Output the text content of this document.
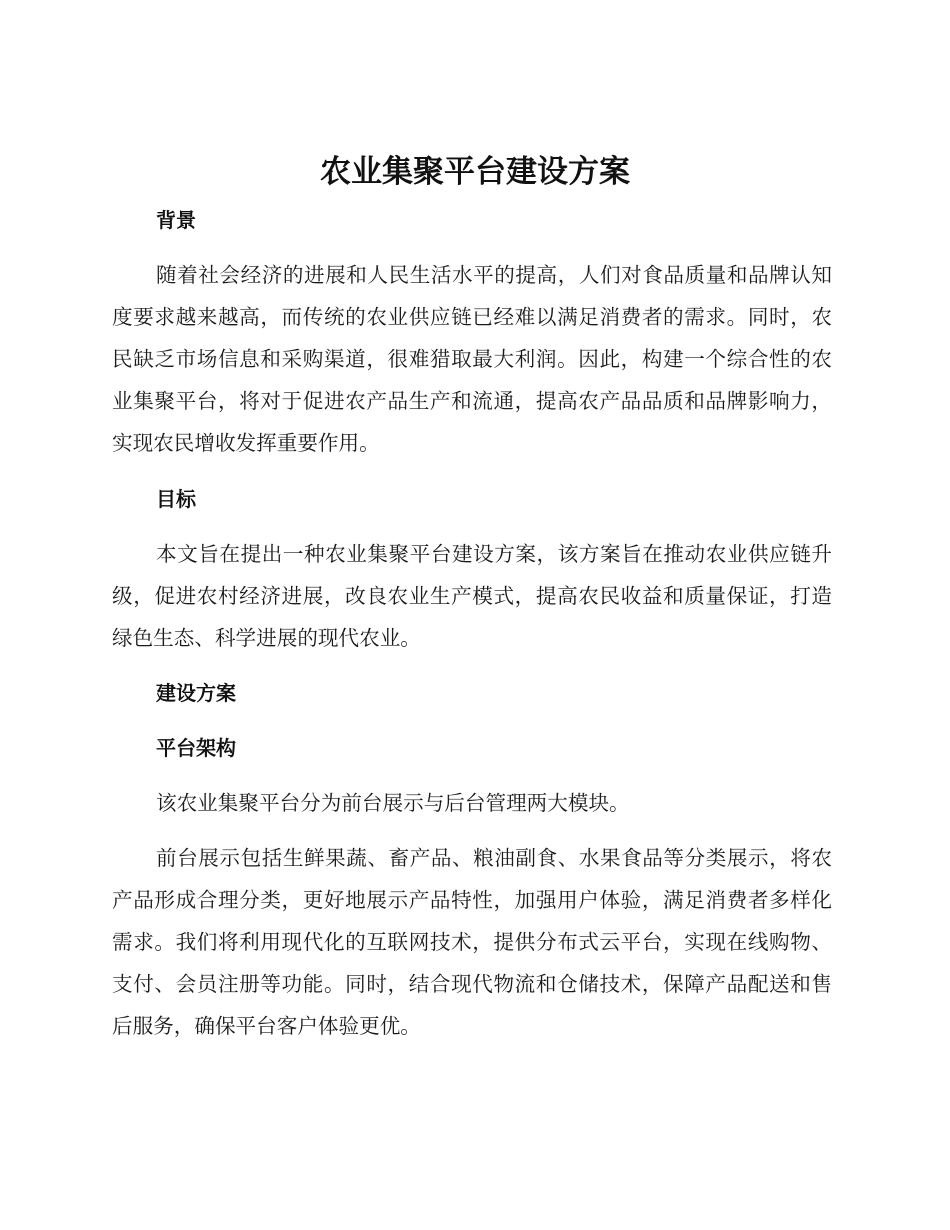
农业集聚平台建设方案
背景

随着社会经济的进展和人民生活水平的提高，人们对食品质量和品牌认知度要求越来越高，而传统的农业供应链已经难以满足消费者的需求。同时，农民缺乏市场信息和采购渠道，很难猎取最大利润。因此，构建一个综合性的农业集聚平台，将对于促进农产品生产和流通，提高农产品品质和品牌影响力，实现农民增收发挥重要作用。

目标

本文旨在提出一种农业集聚平台建设方案，该方案旨在推动农业供应链升级，促进农村经济进展，改良农业生产模式，提高农民收益和质量保证，打造绿色生态、科学进展的现代农业。

建设方案
平台架构

该农业集聚平台分为前台展示与后台管理两大模块。

前台展示包括生鲜果蔬、畜产品、粮油副食、水果食品等分类展示，将农产品形成合理分类，更好地展示产品特性，加强用户体验，满足消费者多样化需求。我们将利用现代化的互联网技术，提供分布式云平台，实现在线购物、支付、会员注册等功能。同时，结合现代物流和仓储技术，保障产品配送和售后服务，确保平台客户体验更优。
